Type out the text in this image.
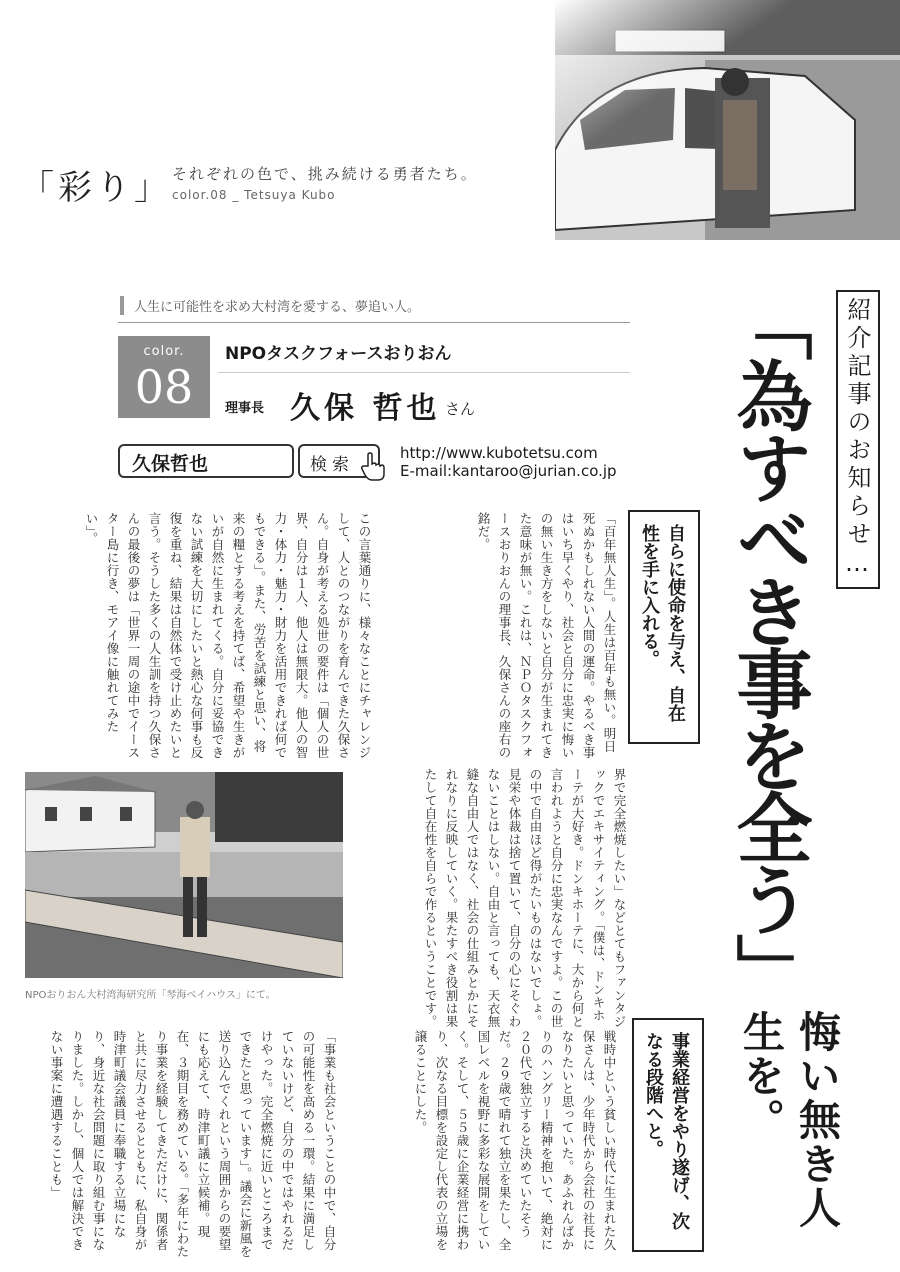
「彩り」 それぞれの色で、挑み続ける勇者たち。
color.08 _ Tetsuya Kubo
人生に可能性を求め大村湾を愛する、夢追い人。
color.
08
NPOタスクフォースおりおん
理事長 久保 哲也 さん
久保哲也	検索
http://www.kubotetsu.com
E-mail:kantaroo@jurian.co.jp 「為すべき事を全う」
悔い無き人生を。
紹介記事のお知らせ…
自らに使命を与え、自在性を手に入れる。
事業経営をやり遂げ、次なる段階へと。
「百年無人生」。人生は百年も無い。明日死ぬかもしれない人間の運命。やるべき事はいち早くやり、社会と自分に忠実に悔いの無い生き方をしないと自分が生まれてきた意味が無い。これは、ＮＰＯタスクフォースおりおんの理事長、久保さんの座右の銘だ。
この言葉通りに、様々なことにチャレンジして、人とのつながりを育んできた久保さん。自身が考える処世の要件は「個人の世界、自分は１人、他人は無限大。他人の智力・体力・魅力・財力を活用できれば何でもできる」。また、労苦を試練と思い、将来の糧とする考えを持てば、希望や生きがいが自然に生まれてくる。自分に妥協できない試練を大切にしたいと熱心な何事も反復を重ね、結果は自然体で受け止めたいと言う。そうした多くの人生訓を持つ久保さんの最後の夢は「世界一周の途中でイースター島に行き、モアイ像に触れてみたい」。
界で完全燃焼したい」などとてもファンタジックでエキサイティング。「僕は、ドンキホーテが大好き。ドンキホーテに、大から何と言われようと自分に忠実なんですよ。この世の中で自由ほど得がたいものはないでしょ。見栄や体裁は捨て置いて、自分の心にそぐわないことはしない。自由と言っても、天衣無縫な自由人ではなく、社会の仕組みとかにそれなりに反映していく。果たすべき役割は果たして自在性を自らで作るということです。
戦時中という貧しい時代に生まれた久保さんは、少年時代から会社の社長になりたいと思っていた。あふれんばかりのハングリー精神を抱いて、絶対に２０代で独立すると決めていたそうだ。２９歳で晴れて独立を果たし、全国レベルを視野に多彩な展開をしていく。そして、５５歳に企業経営に携わり、次なる目標を設定し代表の立場を譲ることにした。
「事業も社会ということの中で、自分の可能性を高める一環。結果に満足していないけど、自分の中ではやれるだけやった。完全燃焼に近いところまでできたと思っています」。議会に新風を送り込んでくれという周囲からの要望にも応えて、時津町議に立候補。現在、３期目を務めている。「多年にわたり事業を経験してきただけに、関係者と共に尽力させるとともに、私自身が時津町議会議員に奉職する立場になり、身近な社会問題に取り組む事になりました。しかし、個人では解決できない事案に遭遇することも」
NPOおりおん大村湾海研究所「琴海ベイハウス」にて。
